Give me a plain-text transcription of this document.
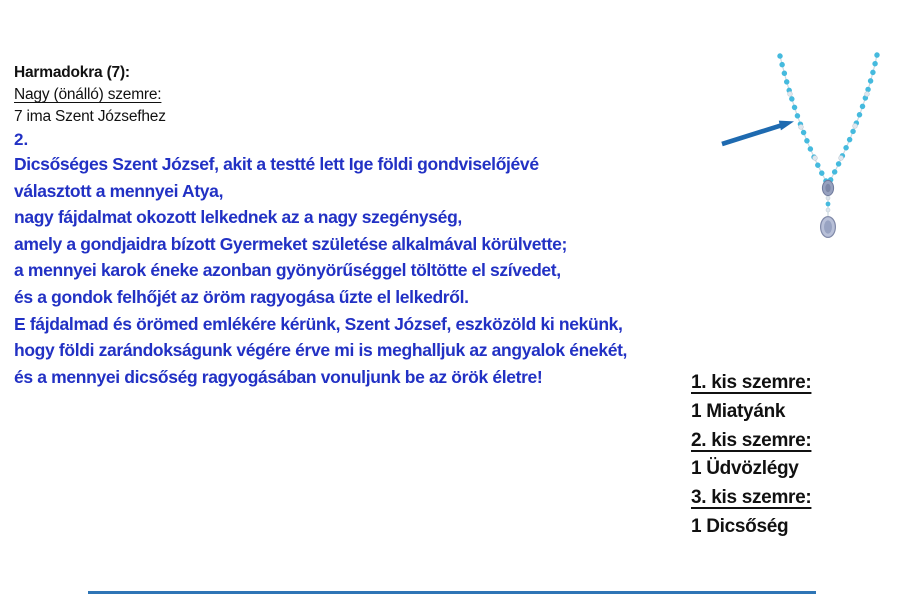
Harmadokra (7):
Nagy (önálló) szemre:
7 ima Szent Józsefhez
2.
Dicsőséges Szent József, akit a testté lett Ige földi gondviselőjévé
választott a mennyei Atya,
nagy fájdalmat okozott lelkednek az a nagy szegénység,
amely a gondjaidra bízott Gyermeket születése alkalmával körülvette;
a mennyei karok éneke azonban gyönyörűséggel töltötte el szívedet,
és a gondok felhőjét az öröm ragyogása űzte el lelkedről.
E fájdalmad és örömed emlékére kérünk, Szent József, eszközöld ki nekünk,
hogy földi zarándokságunk végére érve mi is meghalljuk az angyalok énekét,
és a mennyei dicsőség ragyogásában vonuljunk be az örök életre!	1. kis szemre:
1 Miatyánk
2. kis szemre:
1 Üdvözlégy
3. kis szemre:
1 Dicsőség
